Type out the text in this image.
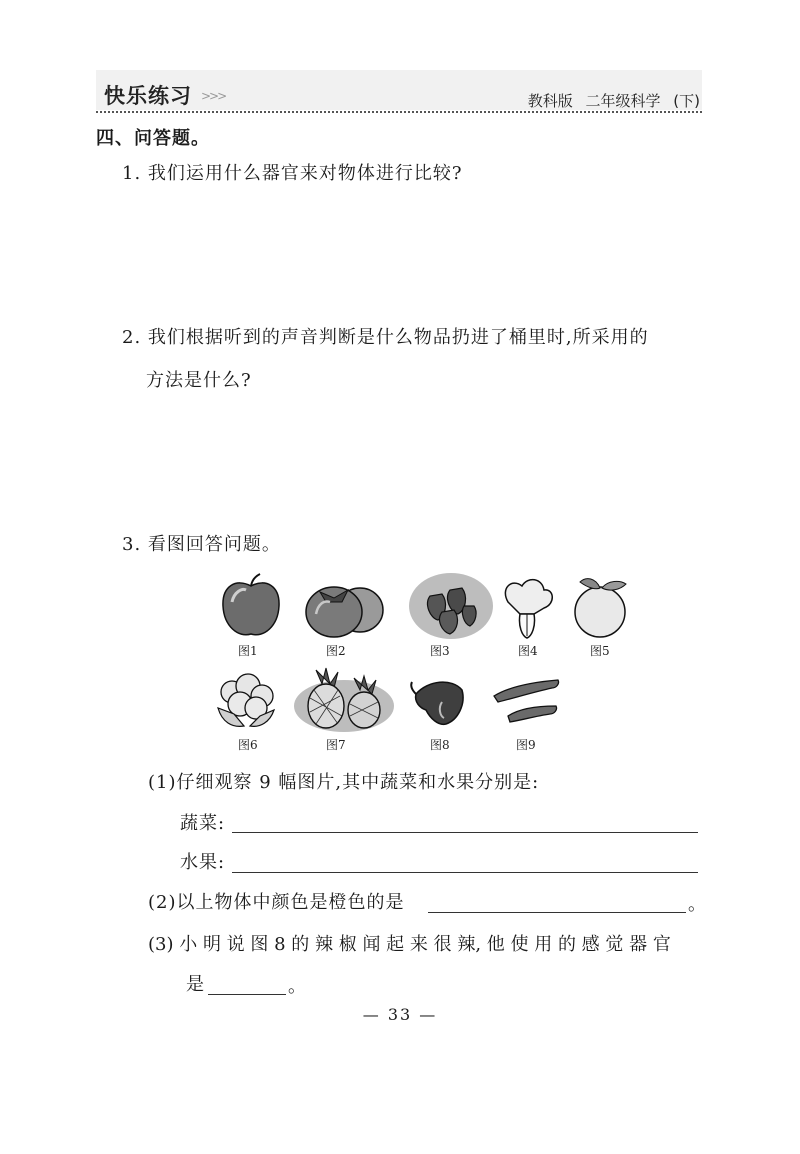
快乐练习 >>>	教科版 二年级科学 (下)
四、问答题。
1. 我们运用什么器官来对物体进行比较?
2. 我们根据听到的声音判断是什么物品扔进了桶里时,所采用的
方法是什么?
3. 看图回答问题。
图1	图2	图3	图4	图5
图6	图7	图8	图9
(1)仔细观察 9 幅图片,其中蔬菜和水果分别是:
蔬菜:
水果:
(2)以上物体中颜色是橙色的是	。
(3) 小 明 说 图 8 的 辣 椒 闻 起 来 很 辣, 他 使 用 的 感 觉 器 官
是	。
— 33 —
